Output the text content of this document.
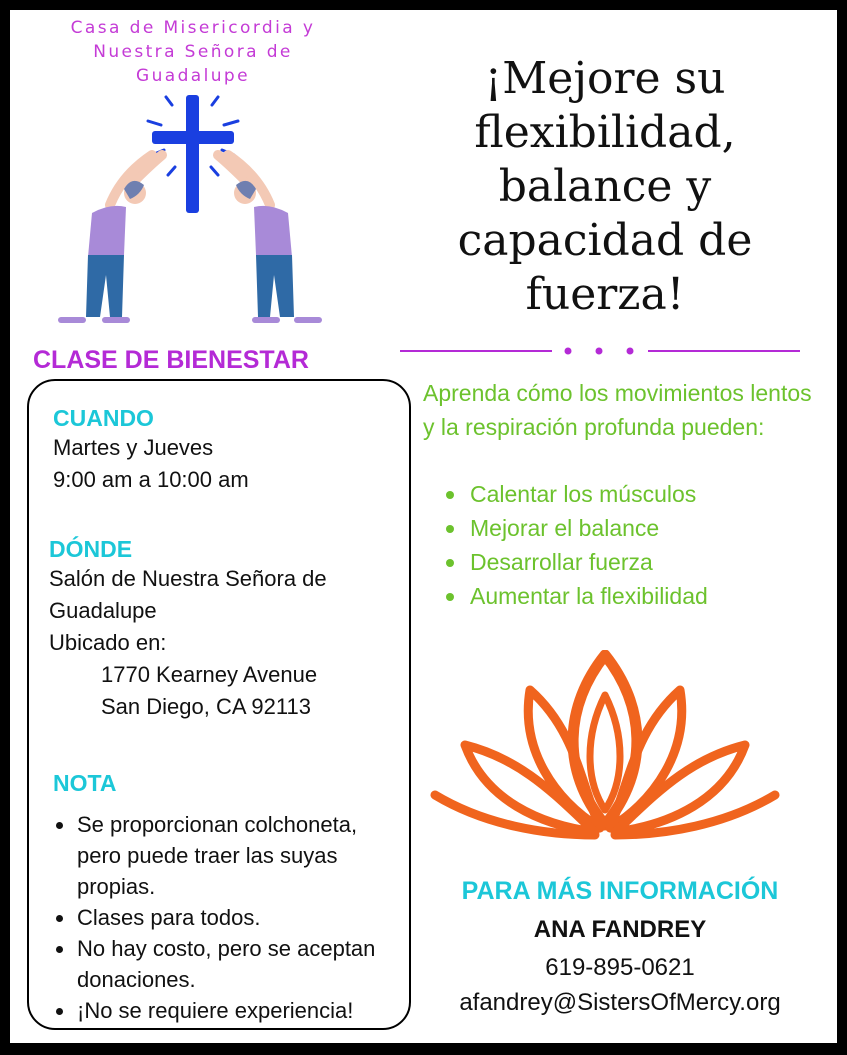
Casa de Misericordia y
Nuestra Señora de
Guadalupe	¡Mejore su
flexibilidad,
balance y
capacidad de
fuerza!
CLASE DE BIENESTAR
CUANDO
Martes y Jueves
9:00 am a 10:00 am
DÓNDE
Salón de Nuestra Señora de
Guadalupe
Ubicado en:
1770 Kearney Avenue
San Diego, CA 92113
NOTA
Se proporcionan colchoneta, pero puede traer las suyas propias.
Clases para todos.
No hay costo, pero se aceptan donaciones.
¡No se requiere experiencia!
Aprenda cómo los movimientos lentos y la respiración profunda pueden:
Calentar los músculos
Mejorar el balance
Desarrollar fuerza
Aumentar la flexibilidad
PARA MÁS INFORMACIÓN
ANA FANDREY
619-895-0621
afandrey@SistersOfMercy.org
